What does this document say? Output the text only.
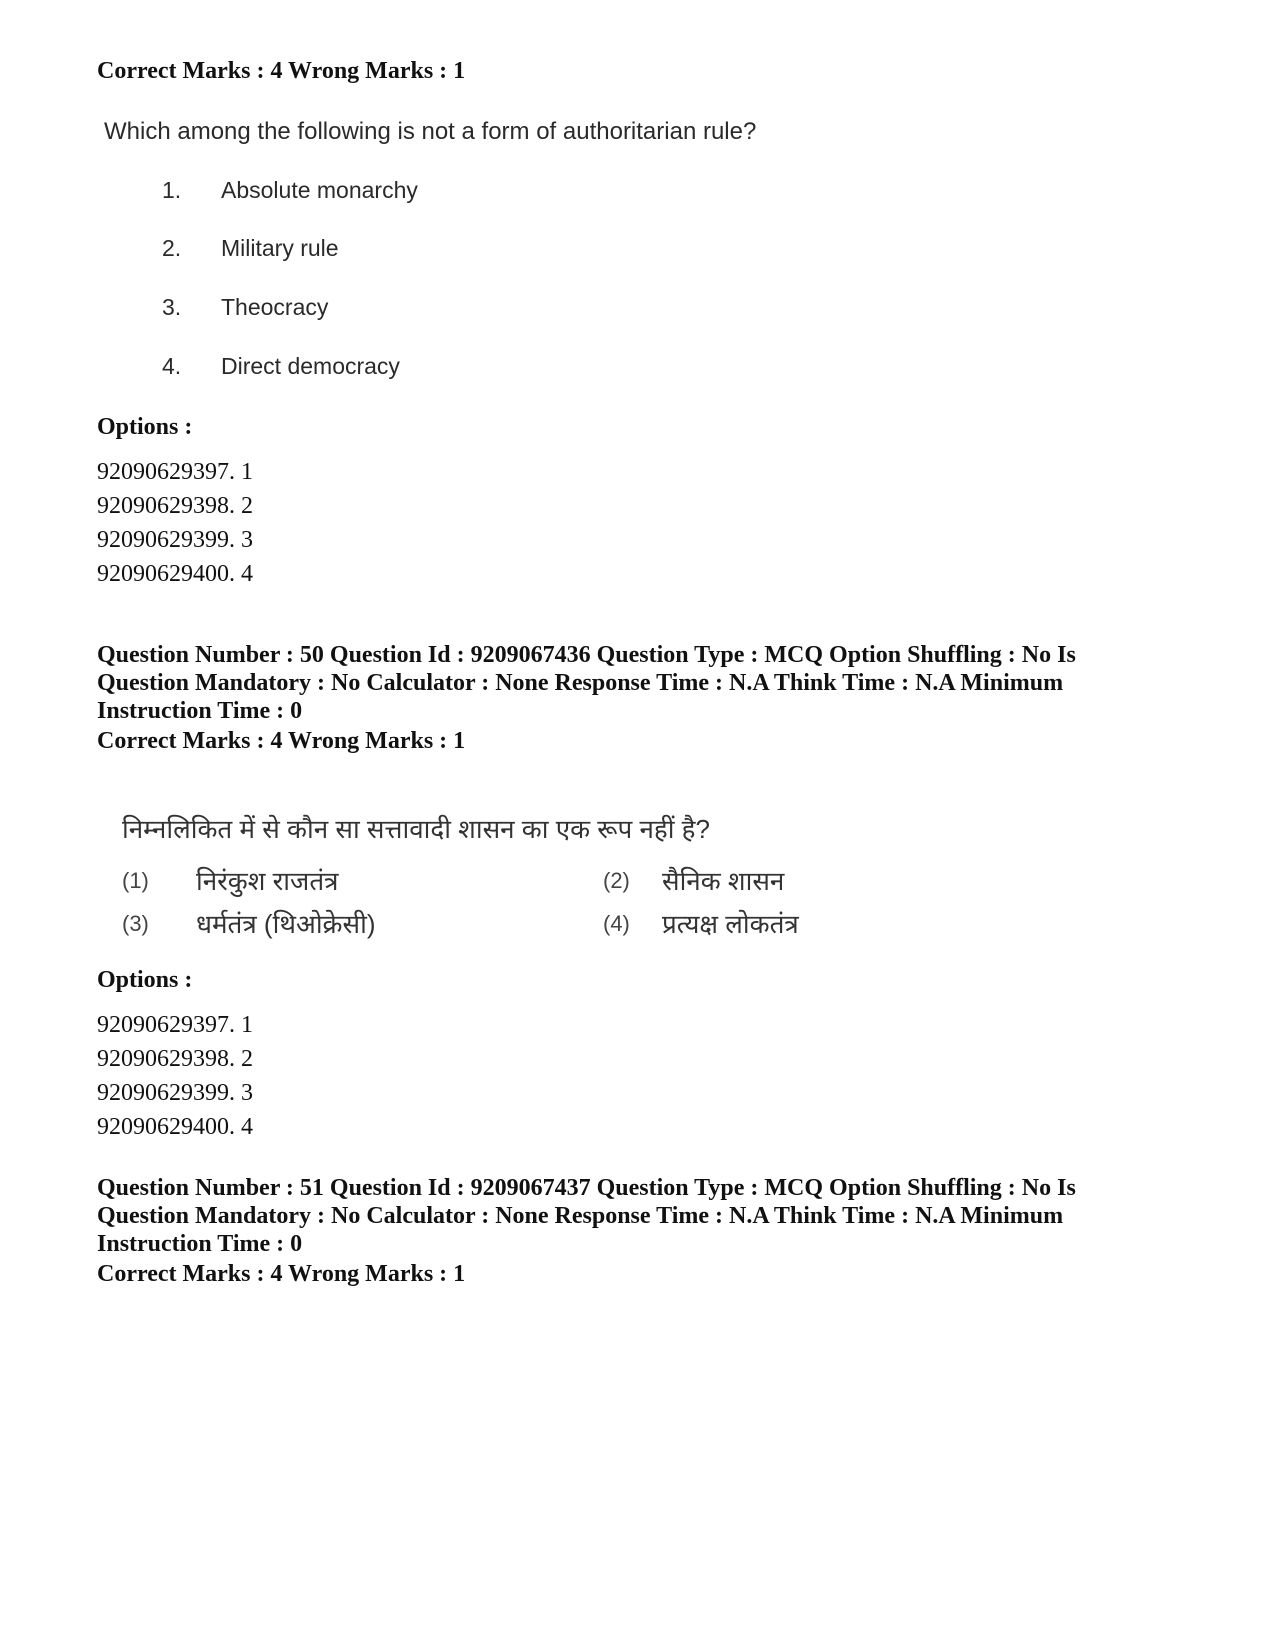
Correct Marks : 4 Wrong Marks : 1

Which among the following is not a form of authoritarian rule?

1. Absolute monarchy
2. Military rule
3. Theocracy
4. Direct democracy

Options :

92090629397. 1
92090629398. 2
92090629399. 3
92090629400. 4

Question Number : 50 Question Id : 9209067436 Question Type : MCQ Option Shuffling : No Is Question Mandatory : No Calculator : None Response Time : N.A Think Time : N.A Minimum Instruction Time : 0

Correct Marks : 4 Wrong Marks : 1

निम्नलिकित में से कौन सा सत्तावादी शासन का एक रूप नहीं है?

(1) निरंकुश राजतंत्र	(2) सैनिक शासन
(3) धर्मतंत्र (थिओक्रेसी)	(4) प्रत्यक्ष लोकतंत्र

Options :

92090629397. 1
92090629398. 2
92090629399. 3
92090629400. 4

Question Number : 51 Question Id : 9209067437 Question Type : MCQ Option Shuffling : No Is Question Mandatory : No Calculator : None Response Time : N.A Think Time : N.A Minimum Instruction Time : 0

Correct Marks : 4 Wrong Marks : 1
